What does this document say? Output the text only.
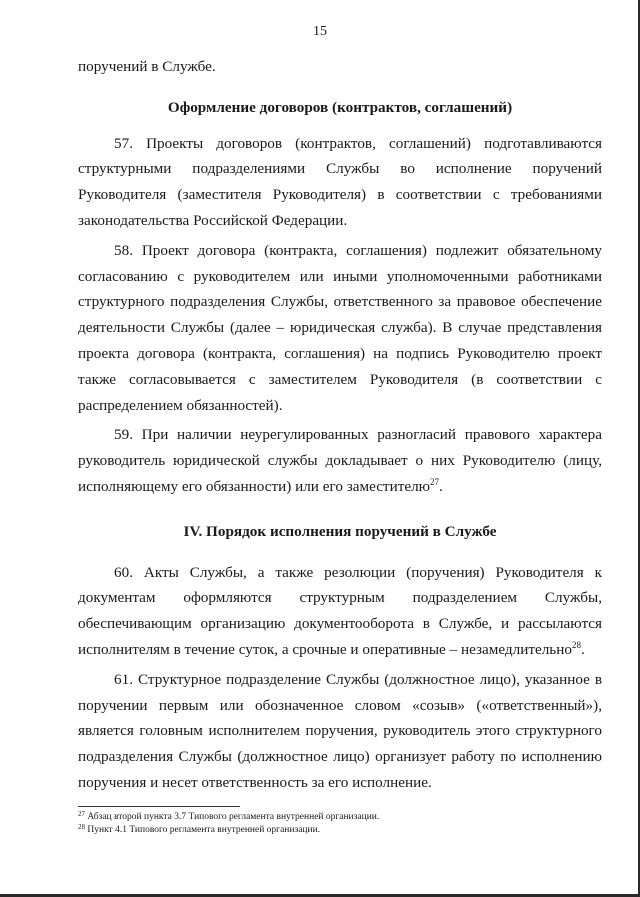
15

поручений в Службе.

Оформление договоров (контрактов, соглашений)

57. Проекты договоров (контрактов, соглашений) подготавливаются структурными подразделениями Службы во исполнение поручений Руководителя (заместителя Руководителя) в соответствии с требованиями законодательства Российской Федерации.

58. Проект договора (контракта, соглашения) подлежит обязательному согласованию с руководителем или иными уполномоченными работниками структурного подразделения Службы, ответственного за правовое обеспечение деятельности Службы (далее – юридическая служба). В случае представления проекта договора (контракта, соглашения) на подпись Руководителю проект также согласовывается с заместителем Руководителя (в соответствии с распределением обязанностей).

59. При наличии неурегулированных разногласий правового характера руководитель юридической службы докладывает о них Руководителю (лицу, исполняющему его обязанности) или его заместителю$^{27}$.

IV. Порядок исполнения поручений в Службе

60. Акты Службы, а также резолюции (поручения) Руководителя к документам оформляются структурным подразделением Службы, обеспечивающим организацию документооборота в Службе, и рассылаются исполнителям в течение суток, а срочные и оперативные – незамедлительно$^{28}$.

61. Структурное подразделение Службы (должностное лицо), указанное в поручении первым или обозначенное словом «созыв» («ответственный»), является головным исполнителем поручения, руководитель этого структурного подразделения Службы (должностное лицо) организует работу по исполнению поручения и несет ответственность за его исполнение.

$^{27}$ Абзац второй пункта 3.7 Типового регламента внутренней организации.
$^{28}$ Пункт 4.1 Типового регламента внутренней организации.
